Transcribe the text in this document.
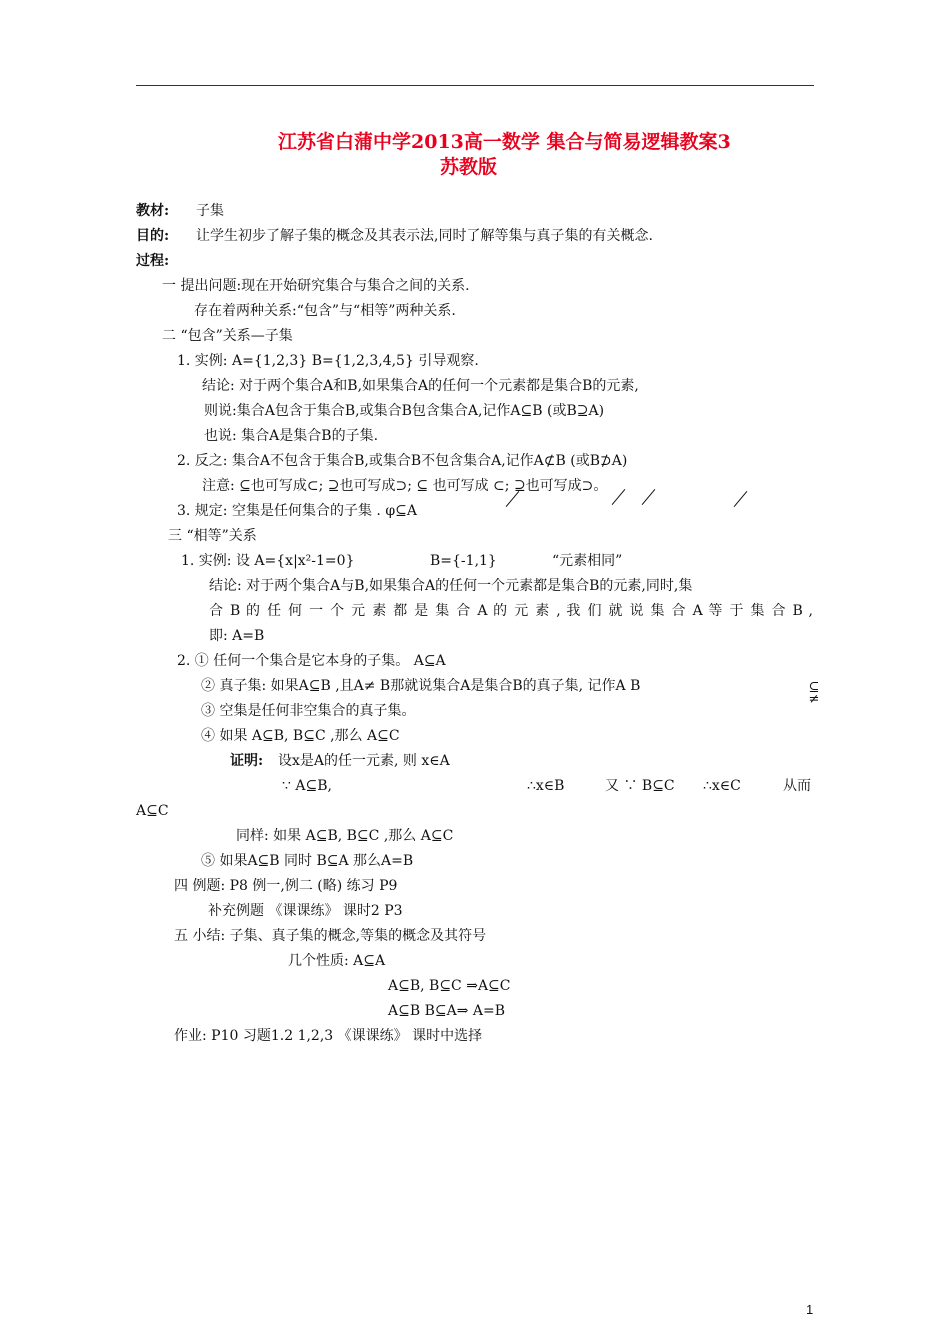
江苏省白蒲中学2013高一数学 集合与简易逻辑教案3
苏教版
教材: 子集
目的: 让学生初步了解子集的概念及其表示法,同时了解等集与真子集的有关概念.
过程:
一 提出问题:现在开始研究集合与集合之间的关系.
存在着两种关系:“包含”与“相等”两种关系.
二 “包含”关系—子集
1. 实例: A={1,2,3} B={1,2,3,4,5} 引导观察.
结论: 对于两个集合A和B,如果集合A的任何一个元素都是集合B的元素,
则说:集合A包含于集合B,或集合B包含集合A,记作A⊆B (或B⊇A)
也说: 集合A是集合B的子集.
2. 反之: 集合A不包含于集合B,或集合B不包含集合A,记作A⊄B (或B⊅A)
注意: ⊆也可写成⊂; ⊇也可写成⊃; ⊆ 也可写成 ⊂; ⊇也可写成⊃。
3. 规定: 空集是任何集合的子集 . φ⊆A
三 “相等”关系
1. 实例: 设 A={x|x²-1=0}	B={-1,1}	“元素相同”
结论: 对于两个集合A与B,如果集合A的任何一个元素都是集合B的元素,同时,集
合 B 的 任 何 一 个 元 素 都 是 集 合 A 的 元 素 , 我 们 就 说 集 合 A 等 于 集 合 B ,
即: A=B
2. ① 任何一个集合是它本身的子集。 A⊆A
② 真子集: 如果A⊆B ,且A≠ B那就说集合A是集合B的真子集, 记作A B	⊆
≠
③ 空集是任何非空集合的真子集。
④ 如果 A⊆B, B⊆C ,那么 A⊆C
证明: 设x是A的任一元素, 则 x∈A
∵ A⊆B,	∴x∈B	又 ∵ B⊆C ∴x∈C	从而
A⊆C
同样: 如果 A⊆B, B⊆C ,那么 A⊆C
⑤ 如果A⊆B 同时 B⊆A 那么A=B
四 例题: P8 例一,例二 (略) 练习 P9
补充例题 《课课练》 课时2 P3
五 小结: 子集、真子集的概念,等集的概念及其符号
几个性质: A⊆A
A⊆B, B⊆C ⇒A⊆C
A⊆B B⊆A⇒ A=B
作业: P10 习题1.2 1,2,3 《课课练》 课时中选择
1
